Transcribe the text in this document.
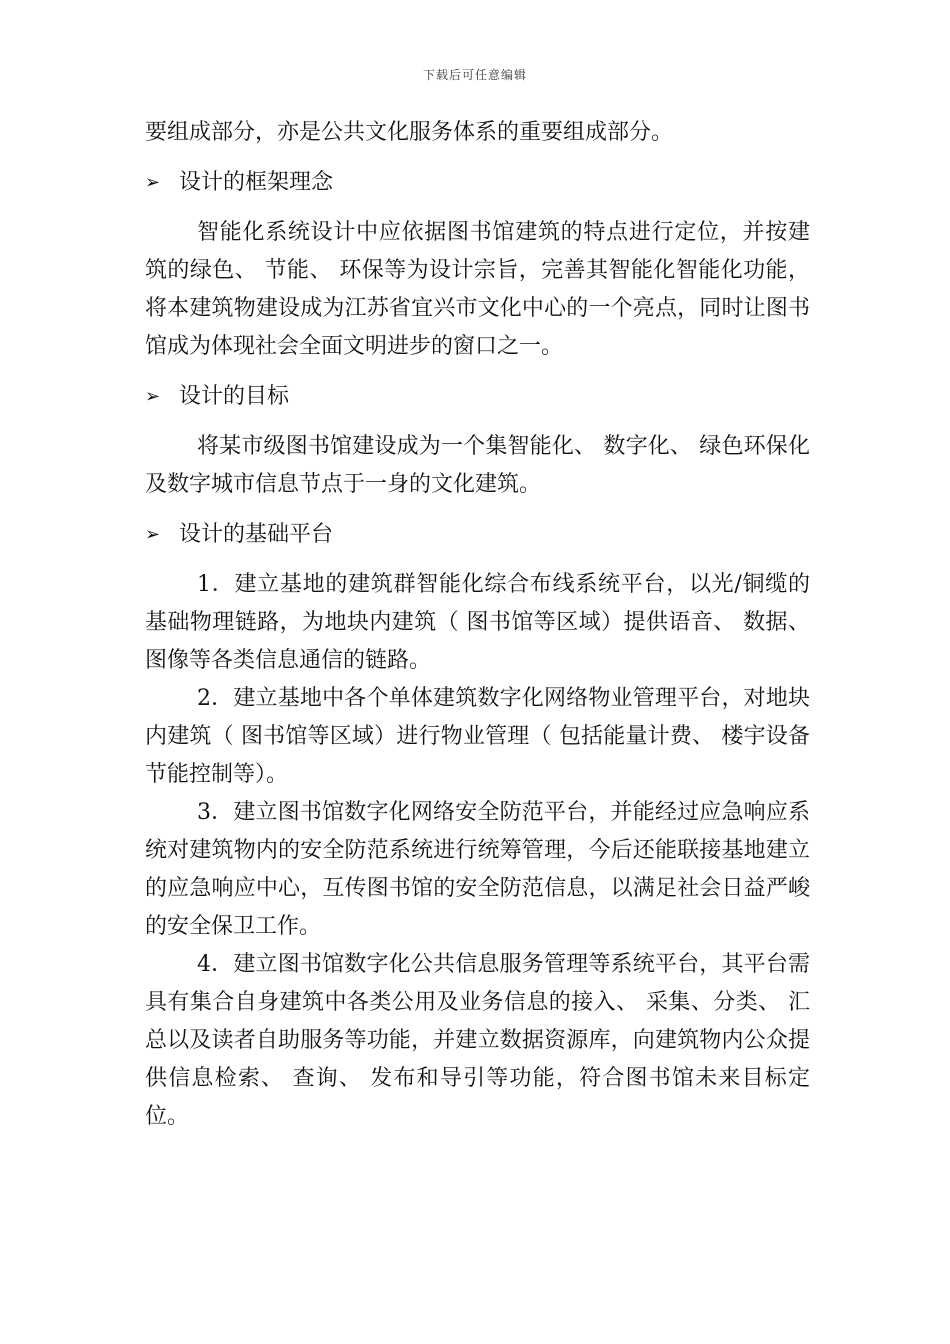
下载后可任意编辑

要组成部分，亦是公共文化服务体系的重要组成部分。

➢ 设计的框架理念

智能化系统设计中应依据图书馆建筑的特点进行定位，并按建筑的绿色、 节能、 环保等为设计宗旨，完善其智能化智能化功能，将本建筑物建设成为江苏省宜兴市文化中心的一个亮点，同时让图书馆成为体现社会全面文明进步的窗口之一。

➢ 设计的目标

将某市级图书馆建设成为一个集智能化、 数字化、 绿色环保化及数字城市信息节点于一身的文化建筑。

➢ 设计的基础平台

1．建立基地的建筑群智能化综合布线系统平台，以光/铜缆的基础物理链路，为地块内建筑（ 图书馆等区域）提供语音、 数据、 图像等各类信息通信的链路。

2．建立基地中各个单体建筑数字化网络物业管理平台，对地块内建筑（ 图书馆等区域）进行物业管理（ 包括能量计费、 楼宇设备节能控制等）。

3．建立图书馆数字化网络安全防范平台，并能经过应急响应系统对建筑物内的安全防范系统进行统筹管理，今后还能联接基地建立的应急响应中心，互传图书馆的安全防范信息，以满足社会日益严峻的安全保卫工作。

4．建立图书馆数字化公共信息服务管理等系统平台，其平台需具有集合自身建筑中各类公用及业务信息的接入、 采集、分类、 汇总以及读者自助服务等功能，并建立数据资源库，向建筑物内公众提供信息检索、 查询、 发布和导引等功能，符合图书馆未来目标定位。
